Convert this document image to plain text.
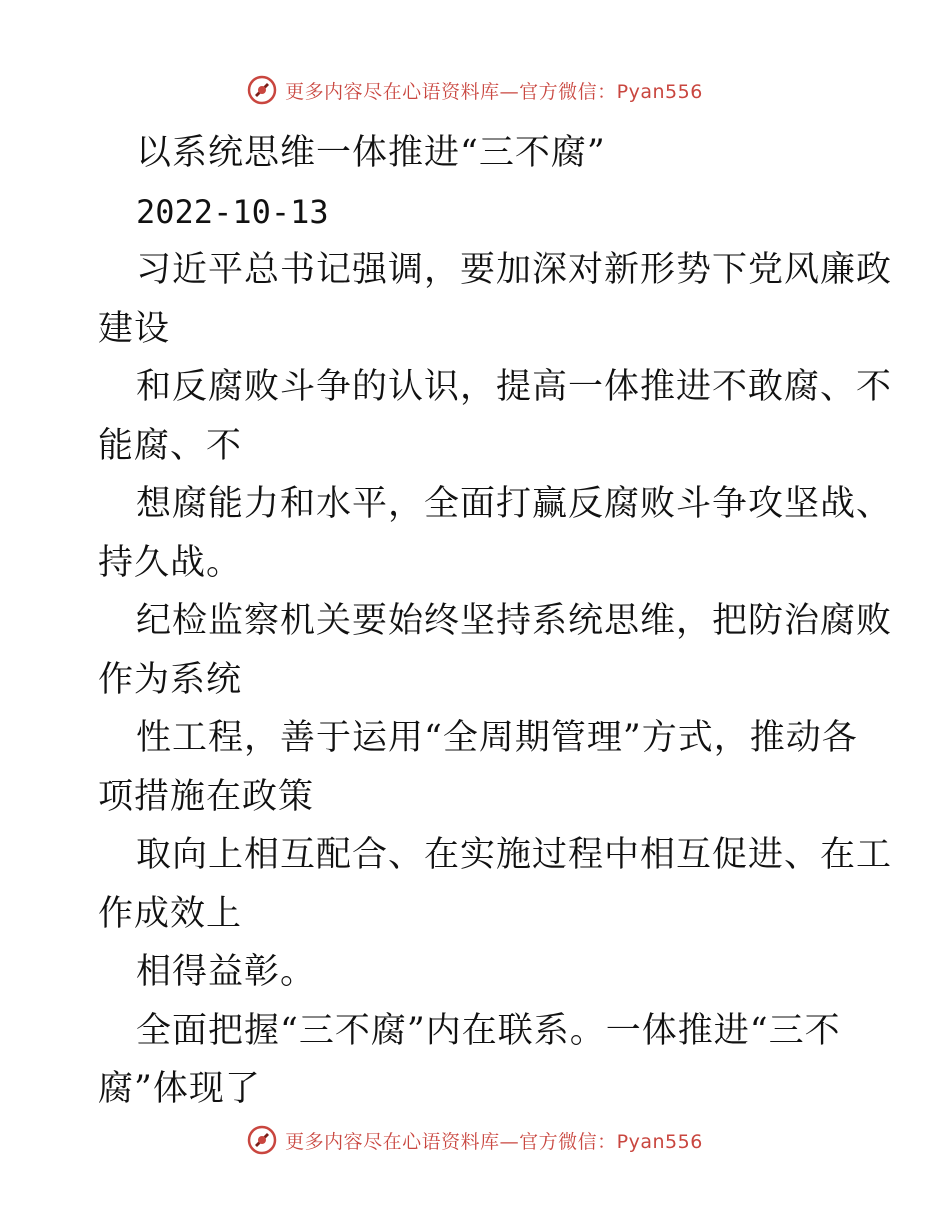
更多内容尽在心语资料库—官方微信：Pyan556
以系统思维一体推进“三不腐”
2022-10-13
习近平总书记强调，要加深对新形势下党风廉政
建设
和反腐败斗争的认识，提高一体推进不敢腐、不
能腐、不
想腐能力和水平，全面打赢反腐败斗争攻坚战、
持久战。
纪检监察机关要始终坚持系统思维，把防治腐败
作为系统
性工程，善于运用“全周期管理”方式，推动各
项措施在政策
取向上相互配合、在实施过程中相互促进、在工
作成效上
相得益彰。
全面把握“三不腐”内在联系。一体推进“三不
腐”体现了
更多内容尽在心语资料库—官方微信：Pyan556
